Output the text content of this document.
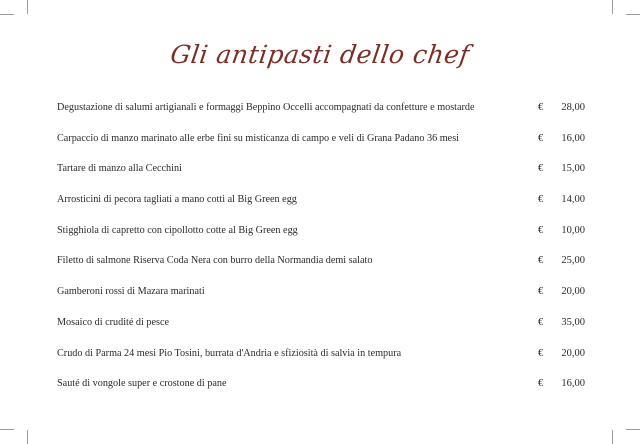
Gli antipasti dello chef
Degustazione di salumi artigianali e formaggi Beppino Occelli accompagnati da confetture e mostarde	€	28,00
Carpaccio di manzo marinato alle erbe fini su misticanza di campo e veli di Grana Padano 36 mesi	€	16,00
Tartare di manzo alla Cecchini	€	15,00
Arrosticini di pecora tagliati a mano cotti al Big Green egg	€	14,00
Stigghiola di capretto con cipollotto cotte al Big Green egg	€	10,00
Filetto di salmone Riserva Coda Nera con burro della Normandia demi salato	€	25,00
Gamberoni rossi di Mazara marinati	€	20,00
Mosaico di crudité di pesce	€	35,00
Crudo di Parma 24 mesi Pio Tosini, burrata d'Andria e sfiziosità di salvia in tempura	€	20,00
Sauté di vongole super e crostone di pane	€	16,00
